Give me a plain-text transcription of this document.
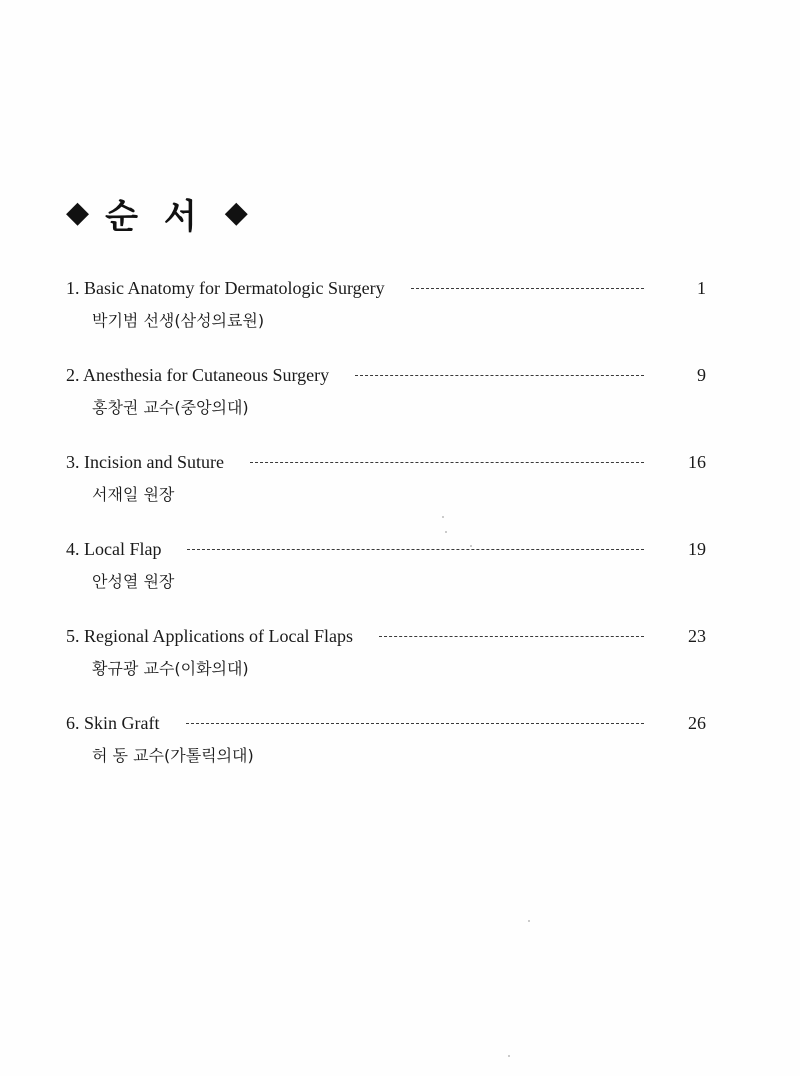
◆ 순서 ◆
1. Basic Anatomy for Dermatologic Surgery	1
박기범 선생(삼성의료원)
2. Anesthesia for Cutaneous Surgery	9
홍창권 교수(중앙의대)
3. Incision and Suture	16
서재일 원장
4. Local Flap	19
안성열 원장
5. Regional Applications of Local Flaps	23
황규광 교수(이화의대)
6. Skin Graft	26
허 동 교수(가톨릭의대)
